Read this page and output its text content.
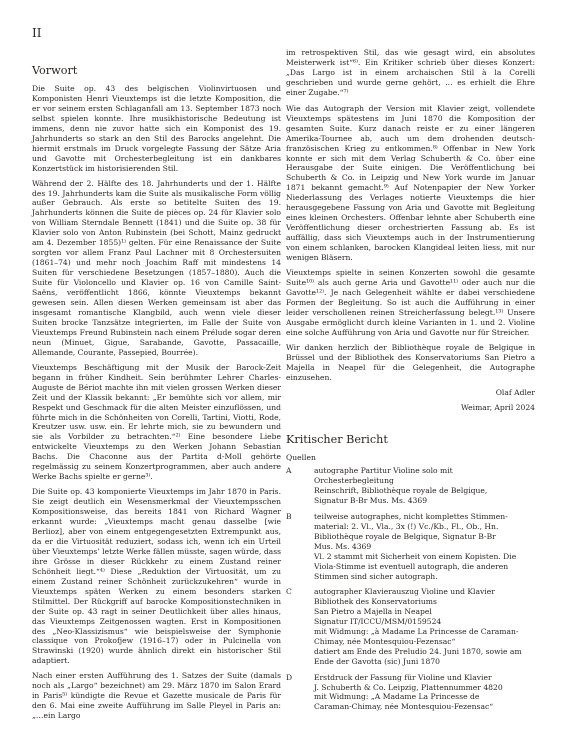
II
Vorwort

Die Suite op. 43 des belgischen Violinvirtuosen und Komponisten Henri Vieuxtemps ist die letzte Komposition, die er vor seinem ersten Schlaganfall am 13. September 1873 noch selbst spielen konnte. Ihre musikhistorische Bedeutung ist immens, denn nie zuvor hatte sich ein Komponist des 19. Jahrhunderts so stark an den Stil des Barocks angelehnt. Die hiermit erstmals im Druck vorgelegte Fassung der Sätze Aria und Gavotte mit Orchesterbegleitung ist ein dankbares Konzertstück im historisierenden Stil.

Während der 2. Hälfte des 18. Jahrhunderts und der 1. Hälfte des 19. Jahrhunderts kam die Suite als musikalische Form völlig außer Gebrauch. Als erste so betitelte Suiten des 19. Jahrhunderts können die Suite de pièces op. 24 für Klavier solo von William Sterndale Bennett (1841) und die Suite op. 38 für Klavier solo von Anton Rubinstein (bei Schott, Mainz gedruckt am 4. Dezember 1855)¹⁾ gelten. Für eine Renaissance der Suite sorgten vor allem Franz Paul Lachner mit 8 Orchestersuiten (1861–74) und mehr noch Joachim Raff mit mindestens 14 Suiten für verschiedene Besetzungen (1857–1880). Auch die Suite für Violoncello und Klavier op. 16 von Camille Saint-Saëns, veröffentlicht 1866, könnte Vieuxtemps bekannt gewesen sein. Allen diesen Werken gemeinsam ist aber das insgesamt romantische Klangbild, auch wenn viele dieser Suiten brocke Tanzsätze integrierten, im Falle der Suite von Vieuxtemps Freund Rubinstein nach einem Prélude sogar deren neun (Minuet, Gigue, Sarabande, Gavotte, Passacaille, Allemande, Courante, Passepied, Bourrée).

Vieuxtemps Beschäftigung mit der Musik der Barock-Zeit begann in früher Kindheit. Sein berühmter Lehrer Charles-Auguste de Bériot machte ihn mit vielen grossen Werken dieser Zeit und der Klassik bekannt: „Er bemühte sich vor allem, mir Respekt und Geschmack für die alten Meister einzuflössen, und führte mich in die Schönheiten von Corelli, Tartini, Viotti, Rode, Kreutzer usw. usw. ein. Er lehrte mich, sie zu bewundern und sie als Vorbilder zu betrachten.“²⁾ Eine besondere Liebe entwickelte Vieuxtemps zu den Werken Johann Sebastian Bachs. Die Chaconne aus der Partita d-Moll gehörte regelmässig zu seinem Konzertprogrammen, aber auch andere Werke Bachs spielte er gerne³⁾.

Die Suite op. 43 komponierte Vieuxtemps im Jahr 1870 in Paris. Sie zeigt deutlich ein Wesensmerkmal der Vieuxtempsschen Kompositionsweise, das bereits 1841 von Richard Wagner erkannt wurde: „Vieuxtemps macht genau dasselbe [wie Berlioz], aber von einem entgegengesetzten Extrempunkt aus, da er die Virtuosität reduziert, sodass ich, wenn ich ein Urteil über Vieuxtemps’ letzte Werke fällen müsste, sagen würde, dass ihre Grösse in dieser Rückkehr zu einem Zustand reiner Schönheit liegt.“⁴⁾ Diese „Reduktion der Virtuosität, um zu einem Zustand reiner Schönheit zurückzukehren“ wurde in Vieuxtemps späten Werken zu einem besonders starken Stilmittel. Der Rückgriff auf barocke Kompositionstechniken in der Suite op. 43 ragt in seiner Deutlichkeit über alles hinaus, das Vieuxtemps Zeitgenossen wagten. Erst in Kompositionen des „Neo-Klassizismus“ wie beispielsweise der Symphonie classique von Prokofjew (1916–17) oder in Pulcinella von Strawinski (1920) wurde ähnlich direkt ein historischer Stil adaptiert.

Nach einer ersten Aufführung des 1. Satzes der Suite (damals noch als „Largo“ bezeichnet) am 29. März 1870 im Salon Erard in Paris⁵⁾ kündigte die Revue et Gazette musicale de Paris für den 6. Mai eine zweite Aufführung im Salle Pleyel in Paris an: „…ein Largo

im retrospektiven Stil, das wie gesagt wird, ein absolutes Meisterwerk ist“⁶⁾. Ein Kritiker schrieb über dieses Konzert: „Das Largo ist in einem archaischen Stil à la Corelli geschrieben und wurde gerne gehört, … es erhielt die Ehre einer Zugabe.“⁷⁾

Wie das Autograph der Version mit Klavier zeigt, vollendete Vieuxtemps spätestens im Juni 1870 die Komposition der gesamten Suite. Kurz danach reiste er zu einer längeren Amerika-Tournee ab, auch um dem drohenden deutsch-französischen Krieg zu entkommen.⁸⁾ Offenbar in New York konnte er sich mit dem Verlag Schuberth & Co. über eine Herausgabe der Suite einigen. Die Veröffentlichung bei Schuberth & Co. in Leipzig und New York wurde im Januar 1871 bekannt gemacht.⁹⁾ Auf Notenpapier der New Yorker Niederlassung des Verlages notierte Vieuxtemps die hier herausgegebene Fassung von Aria und Gavotte mit Begleitung eines kleinen Orchesters. Offenbar lehnte aber Schuberth eine Veröffentlichung dieser orchestrierten Fassung ab. Es ist auffällig, dass sich Vieuxtemps auch in der Instrumentierung von einem schlanken, barocken Klangideal leiten liess, mit nur wenigen Bläsern.

Vieuxtemps spielte in seinen Konzerten sowohl die gesamte Suite¹⁰⁾ als auch gerne Aria und Gavotte¹¹⁾ oder auch nur die Gavotte¹²⁾. Je nach Gelegenheit wählte er dabei verschiedene Formen der Begleitung. So ist auch die Aufführung in einer leider verschollenen reinen Streicherfassung belegt.¹³⁾ Unsere Ausgabe ermöglicht durch kleine Varianten in 1. und 2. Violine eine solche Aufführung von Aria und Gavotte nur für Streicher.

Wir danken herzlich der Bibliothèque royale de Belgique in Brüssel und der Bibliothek des Konservatoriums San Pietro a Majella in Neapel für die Gelegenheit, die Autographe einzusehen.

Olaf Adler

Weimar, April 2024

Kritischer Bericht
Quellen
A	autographe Partitur Violine solo mit
Orchesterbegleitung
Reinschrift, Bibliothèque royale de Belgique,
Signatur B-Br Mus. Ms. 4369
B	teilweise autographes, nicht komplettes Stimmen-
material: 2. Vl., Vla., 3x (!) Vc./Kb., Fl., Ob., Hn.
Bibliothèque royale de Belgique, Signatur B-Br
Mus. Ms. 4369
Vl. 2 stammt mit Sicherheit von einem Kopisten. Die
Viola-Stimme ist eventuell autograph, die anderen
Stimmen sind sicher autograph.
C	autographer Klavierauszug Violine und Klavier
Bibliothek des Konservatoriums
San Pietro a Majella in Neapel
Signatur IT/ICCU/MSM/0159524
mit Widmung: „à Madame La Princesse de Caraman-
Chimay, née Montesquiou-Fezensac“
datiert am Ende des Preludio 24. Juni 1870, sowie am
Ende der Gavotta (sic) Juni 1870
D	Erstdruck der Fassung für Violine und Klavier
J. Schuberth & Co. Leipzig, Plattennummer 4820
mit Widmung: „A Madame La Princesse de
Caraman-Chimay, née Montesquiou-Fezensac“
